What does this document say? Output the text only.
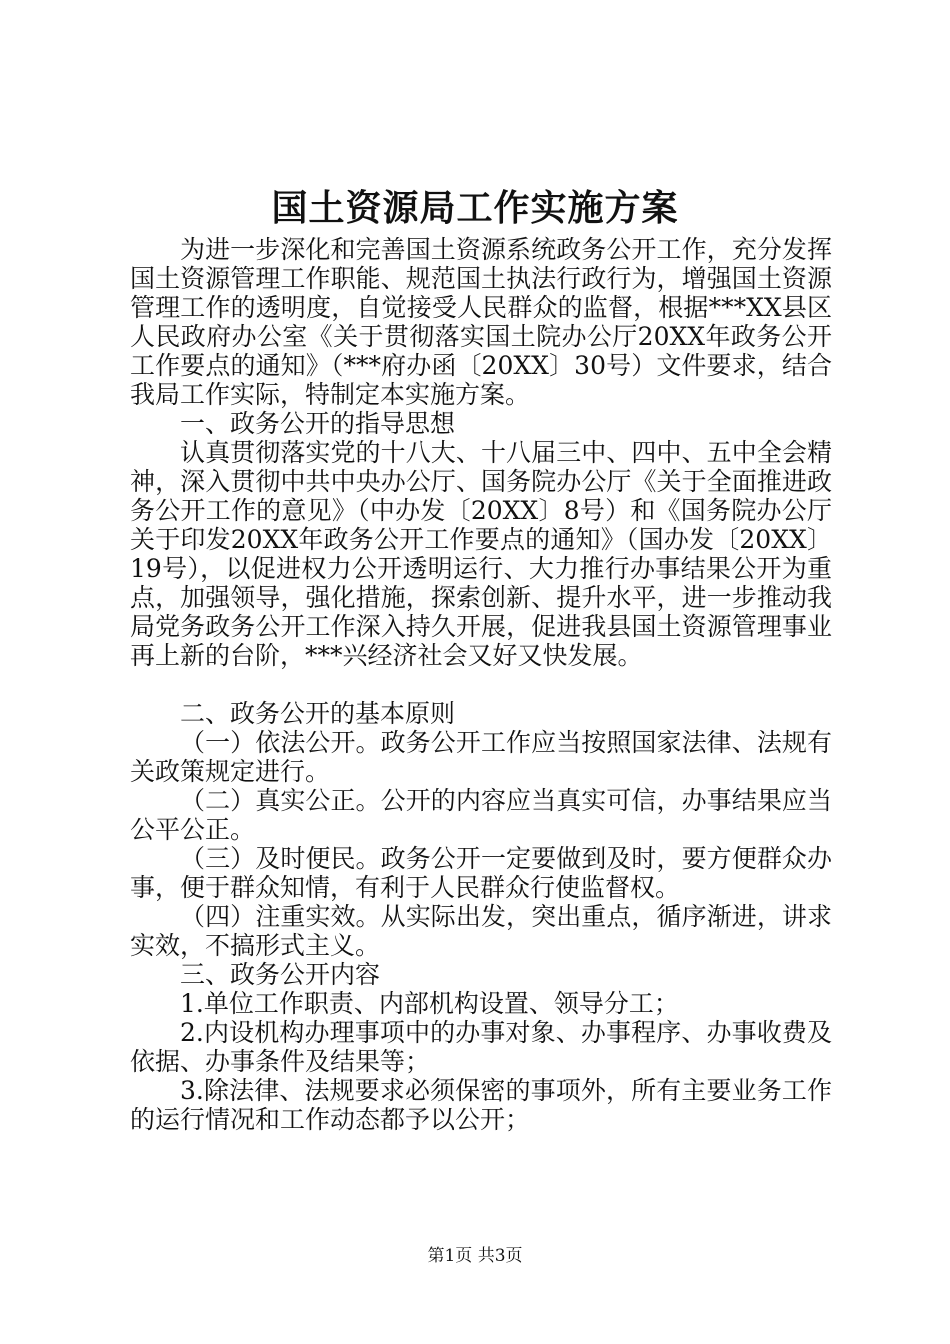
国土资源局工作实施方案

为进一步深化和完善国土资源系统政务公开工作，充分发挥国土资源管理工作职能、规范国土执法行政行为，增强国土资源管理工作的透明度，自觉接受人民群众的监督，根据***XX县区人民政府办公室《关于贯彻落实国土院办公厅20XX年政务公开工作要点的通知》（***府办函〔20XX〕30号）文件要求，结合我局工作实际，特制定本实施方案。

一、政务公开的指导思想

认真贯彻落实党的十八大、十八届三中、四中、五中全会精神，深入贯彻中共中央办公厅、国务院办公厅《关于全面推进政务公开工作的意见》（中办发〔20XX〕8号）和《国务院办公厅关于印发20XX年政务公开工作要点的通知》（国办发〔20XX〕19号），以促进权力公开透明运行、大力推行办事结果公开为重点，加强领导，强化措施，探索创新、提升水平，进一步推动我局党务政务公开工作深入持久开展，促进我县国土资源管理事业再上新的台阶，***兴经济社会又好又快发展。

二、政务公开的基本原则

（一）依法公开。政务公开工作应当按照国家法律、法规有关政策规定进行。

（二）真实公正。公开的内容应当真实可信，办事结果应当公平公正。

（三）及时便民。政务公开一定要做到及时，要方便群众办事，便于群众知情，有利于人民群众行使监督权。

（四）注重实效。从实际出发，突出重点，循序渐进，讲求实效，不搞形式主义。

三、政务公开内容

1.单位工作职责、内部机构设置、领导分工；

2.内设机构办理事项中的办事对象、办事程序、办事收费及依据、办事条件及结果等；

3.除法律、法规要求必须保密的事项外，所有主要业务工作的运行情况和工作动态都予以公开；

第1页 共3页
